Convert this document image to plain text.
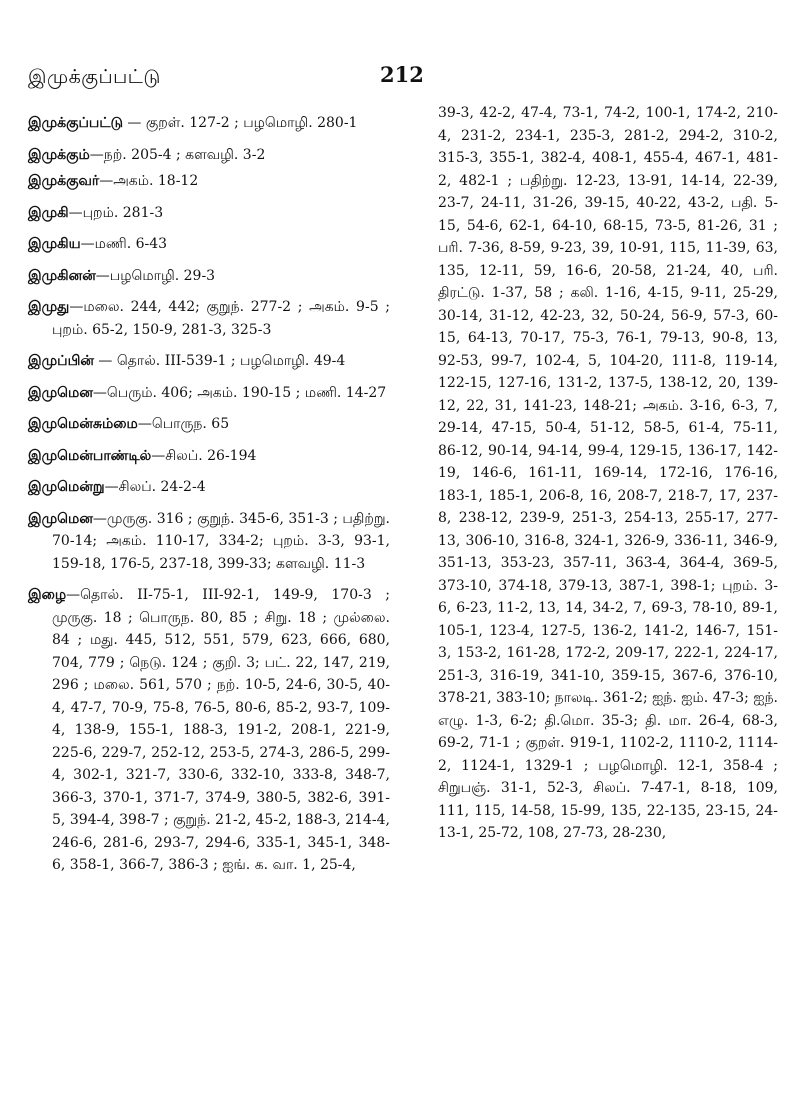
இமுக்குப்பட்டு	212

இமுக்குப்பட்டு — குறள். 127-2 ; பழமொழி. 280-1

இமுக்கும்—நற். 205-4 ; களவழி. 3-2

இமுக்குவர்—அகம். 18-12

இமுகி—புறம். 281-3

இமுகிய—மணி. 6-43

இமுகினன்—பழமொழி. 29-3

இமுது—மலை. 244, 442; குறுந். 277-2 ; அகம். 9-5 ; புறம். 65-2, 150-9, 281-3, 325-3

இமுப்பின் — தொல். III-539-1 ; பழமொழி. 49-4

இமுமென—பெரும். 406; அகம். 190-15 ; மணி. 14-27

இமுமென்சும்மை—பொருந. 65

இமுமென்பாண்டில்—சிலப். 26-194

இமுமென்று—சிலப். 24-2-4

இமுமென—முருகு. 316 ; குறுந். 345-6, 351-3 ; பதிற்று. 70-14; அகம். 110-17, 334-2; புறம். 3-3, 93-1, 159-18, 176-5, 237-18, 399-33; களவழி. 11-3

இழை—தொல். II-75-1, III-92-1, 149-9, 170-3 ; முருகு. 18 ; பொருந. 80, 85 ; சிறு. 18 ; முல்லை. 84 ; மது. 445, 512, 551, 579, 623, 666, 680, 704, 779 ; நெடு. 124 ; குறி. 3; பட். 22, 147, 219, 296 ; மலை. 561, 570 ; நற். 10-5, 24-6, 30-5, 40-4, 47-7, 70-9, 75-8, 76-5, 80-6, 85-2, 93-7, 109-4, 138-9, 155-1, 188-3, 191-2, 208-1, 221-9, 225-6, 229-7, 252-12, 253-5, 274-3, 286-5, 299-4, 302-1, 321-7, 330-6, 332-10, 333-8, 348-7, 366-3, 370-1, 371-7, 374-9, 380-5, 382-6, 391-5, 394-4, 398-7 ; குறுந். 21-2, 45-2, 188-3, 214-4, 246-6, 281-6, 293-7, 294-6, 335-1, 345-1, 348-6, 358-1, 366-7, 386-3 ; ஐங். க. வா. 1, 25-4,

39-3, 42-2, 47-4, 73-1, 74-2, 100-1, 174-2, 210-4, 231-2, 234-1, 235-3, 281-2, 294-2, 310-2, 315-3, 355-1, 382-4, 408-1, 455-4, 467-1, 481-2, 482-1 ; பதிற்று. 12-23, 13-91, 14-14, 22-39, 23-7, 24-11, 31-26, 39-15, 40-22, 43-2, பதி. 5-15, 54-6, 62-1, 64-10, 68-15, 73-5, 81-26, 31 ; பரி. 7-36, 8-59, 9-23, 39, 10-91, 115, 11-39, 63, 135, 12-11, 59, 16-6, 20-58, 21-24, 40, பரி. திரட்டு. 1-37, 58 ; கலி. 1-16, 4-15, 9-11, 25-29, 30-14, 31-12, 42-23, 32, 50-24, 56-9, 57-3, 60-15, 64-13, 70-17, 75-3, 76-1, 79-13, 90-8, 13, 92-53, 99-7, 102-4, 5, 104-20, 111-8, 119-14, 122-15, 127-16, 131-2, 137-5, 138-12, 20, 139-12, 22, 31, 141-23, 148-21; அகம். 3-16, 6-3, 7, 29-14, 47-15, 50-4, 51-12, 58-5, 61-4, 75-11, 86-12, 90-14, 94-14, 99-4, 129-15, 136-17, 142-19, 146-6, 161-11, 169-14, 172-16, 176-16, 183-1, 185-1, 206-8, 16, 208-7, 218-7, 17, 237-8, 238-12, 239-9, 251-3, 254-13, 255-17, 277-13, 306-10, 316-8, 324-1, 326-9, 336-11, 346-9, 351-13, 353-23, 357-11, 363-4, 364-4, 369-5, 373-10, 374-18, 379-13, 387-1, 398-1; புறம். 3-6, 6-23, 11-2, 13, 14, 34-2, 7, 69-3, 78-10, 89-1, 105-1, 123-4, 127-5, 136-2, 141-2, 146-7, 151-3, 153-2, 161-28, 172-2, 209-17, 222-1, 224-17, 251-3, 316-19, 341-10, 359-15, 367-6, 376-10, 378-21, 383-10; நாலடி. 361-2; ஐந். ஐம். 47-3; ஐந். எழு. 1-3, 6-2; தி.மொ. 35-3; தி. மா. 26-4, 68-3, 69-2, 71-1 ; குறள். 919-1, 1102-2, 1110-2, 1114-2, 1124-1, 1329-1 ; பழமொழி. 12-1, 358-4 ; சிறுபஞ். 31-1, 52-3, சிலப். 7-47-1, 8-18, 109, 111, 115, 14-58, 15-99, 135, 22-135, 23-15, 24-13-1, 25-72, 108, 27-73, 28-230,
